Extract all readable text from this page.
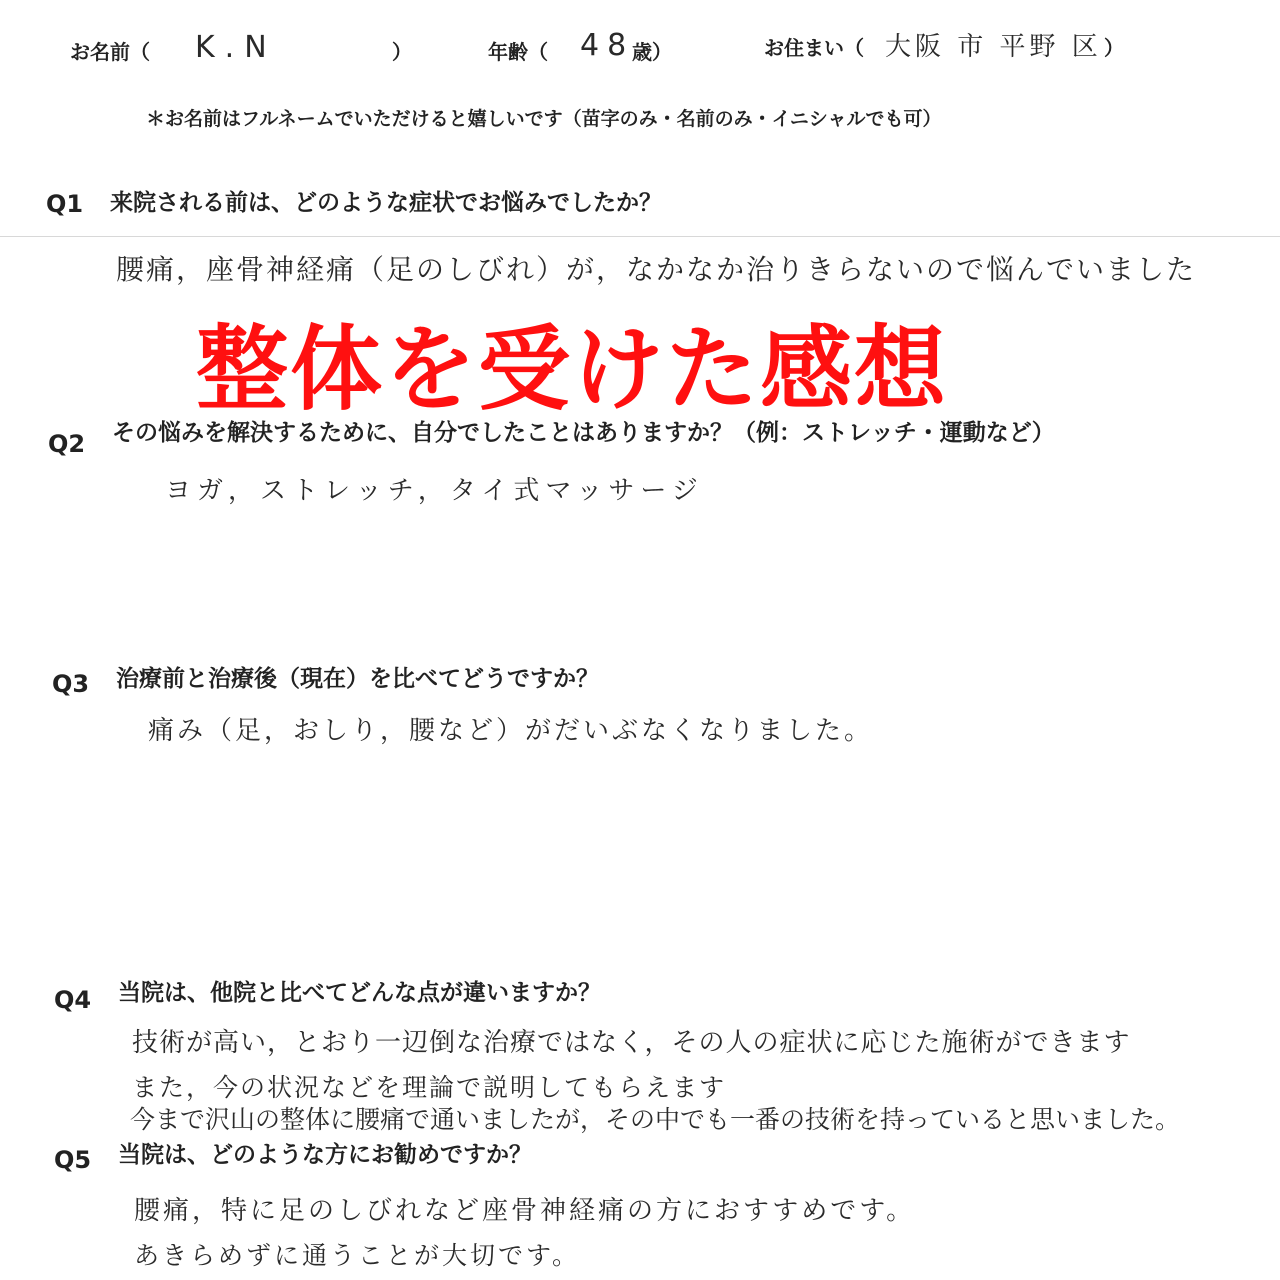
お名前（ K.N	）	年齢（ 48
歳）	お住まい（ 大阪 市 平野 区 ）
＊お名前はフルネームでいただけると嬉しいです（苗字のみ・名前のみ・イニシャルでも可）
Q1 来院される前は、どのような症状でお悩みでしたか？
腰痛，座骨神経痛（足のしびれ）が，なかなか治りきらないので悩んでいました
整体を受けた感想
Q2 その悩みを解決するために、自分でしたことはありますか？（例：ストレッチ・運動など）
ヨガ，ストレッチ，タイ式マッサージ
Q3 治療前と治療後（現在）を比べてどうですか？
痛み（足，おしり，腰など）がだいぶなくなりました。
Q4 当院は、他院と比べてどんな点が違いますか？
技術が高い，とおり一辺倒な治療ではなく，その人の症状に応じた施術ができます
また，今の状況などを理論で説明してもらえます
今まで沢山の整体に腰痛で通いましたが，その中でも一番の技術を持っていると思いました。
Q5 当院は、どのような方にお勧めですか？
腰痛，特に足のしびれなど座骨神経痛の方におすすめです。
あきらめずに通うことが大切です。
